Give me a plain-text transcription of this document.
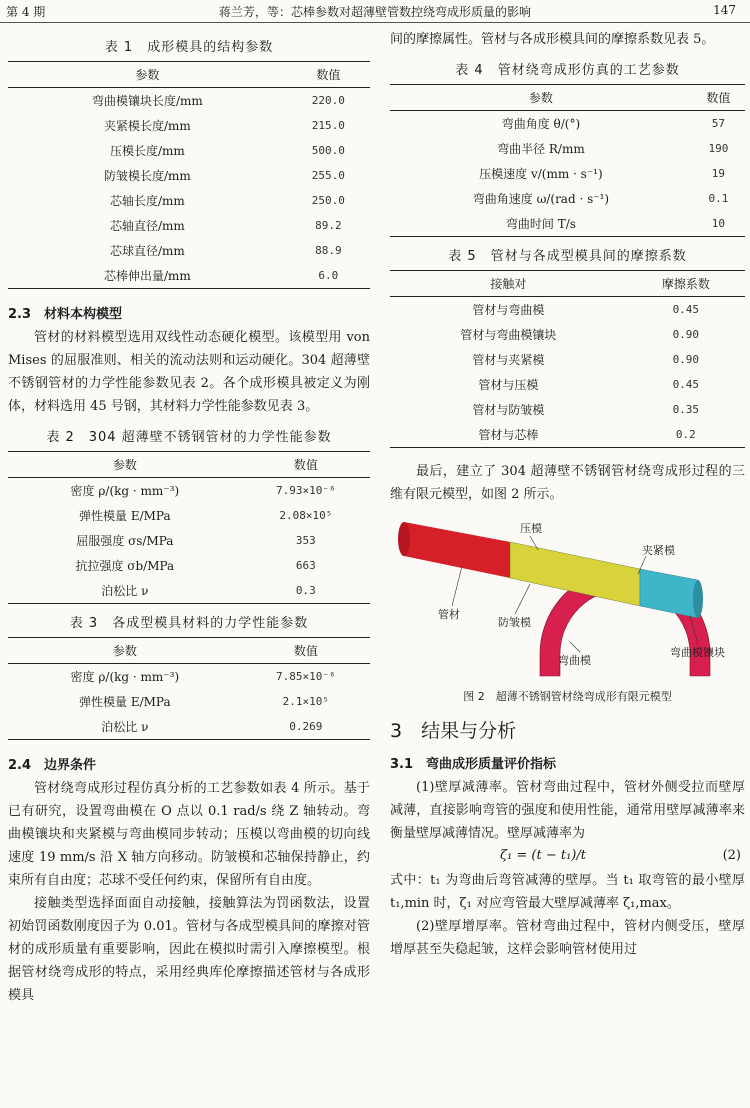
第 4 期	蒋兰芳，等：芯棒参数对超薄壁管数控绕弯成形质量的影响	147
表 1　成形模具的结构参数
参数	数值
弯曲模镶块长度/mm	220.0
夹紧模长度/mm	215.0
压模长度/mm	500.0
防皱模长度/mm	255.0
芯轴长度/mm	250.0
芯轴直径/mm	89.2
芯球直径/mm	88.9
芯棒伸出量/mm	6.0
2.3　材料本构模型

管材的材料模型选用双线性动态硬化模型。该模型用 von Mises 的屈服准则、相关的流动法则和运动硬化。304 超薄壁不锈钢管材的力学性能参数见表 2。各个成形模具被定义为刚体，材料选用 45 号钢，其材料力学性能参数见表 3。

表 2　304 超薄壁不锈钢管材的力学性能参数
参数	数值
密度 ρ/(kg · mm⁻³)	7.93×10⁻⁶
弹性模量 E/MPa	2.08×10⁵
屈服强度 σs/MPa	353
抗拉强度 σb/MPa	663
泊松比 ν	0.3
表 3　各成型模具材料的力学性能参数
参数	数值
密度 ρ/(kg · mm⁻³)	7.85×10⁻⁶
弹性模量 E/MPa	2.1×10⁵
泊松比 ν	0.269
2.4　边界条件

管材绕弯成形过程仿真分析的工艺参数如表 4 所示。基于已有研究，设置弯曲模在 O 点以 0.1 rad/s 绕 Z 轴转动。弯曲模镶块和夹紧模与弯曲模同步转动；压模以弯曲模的切向线速度 19 mm/s 沿 X 轴方向移动。防皱模和芯轴保持静止，约束所有自由度；芯球不受任何约束，保留所有自由度。

接触类型选择面面自动接触，接触算法为罚函数法，设置初始罚函数刚度因子为 0.01。管材与各成型模具间的摩擦对管材的成形质量有重要影响，因此在模拟时需引入摩擦模型。根据管材绕弯成形的特点，采用经典库伦摩擦描述管材与各成形模具

间的摩擦属性。管材与各成形模具间的摩擦系数见表 5。

表 4　管材绕弯成形仿真的工艺参数
参数	数值
弯曲角度 θ/(°)	57
弯曲半径 R/mm	190
压模速度 v/(mm · s⁻¹)	19
弯曲角速度 ω/(rad · s⁻¹)	0.1
弯曲时间 T/s	10
表 5　管材与各成型模具间的摩擦系数
接触对	摩擦系数
管材与弯曲模	0.45
管材与弯曲模镶块	0.90
管材与夹紧模	0.90
管材与压模	0.45
管材与防皱模	0.35
管材与芯棒	0.2

最后，建立了 304 超薄壁不锈钢管材绕弯成形过程的三维有限元模型，如图 2 所示。

压模
夹紧模
管材
防皱模
弯曲模
弯曲模镶块
图 2　超薄不锈钢管材绕弯成形有限元模型
3　结果与分析
3.1　弯曲成形质量评价指标

(1)壁厚减薄率。管材弯曲过程中，管材外侧受拉而壁厚减薄，直接影响弯管的强度和使用性能，通常用壁厚减薄率来衡量壁厚减薄情况。壁厚减薄率为

ζ₁ = (t − t₁)/t	(2)

式中：t₁ 为弯曲后弯管减薄的壁厚。当 t₁ 取弯管的最小壁厚 t₁,min 时，ζ₁ 对应弯管最大壁厚减薄率 ζ₁,max。

(2)壁厚增厚率。管材弯曲过程中，管材内侧受压，壁厚增厚甚至失稳起皱，这样会影响管材使用过
